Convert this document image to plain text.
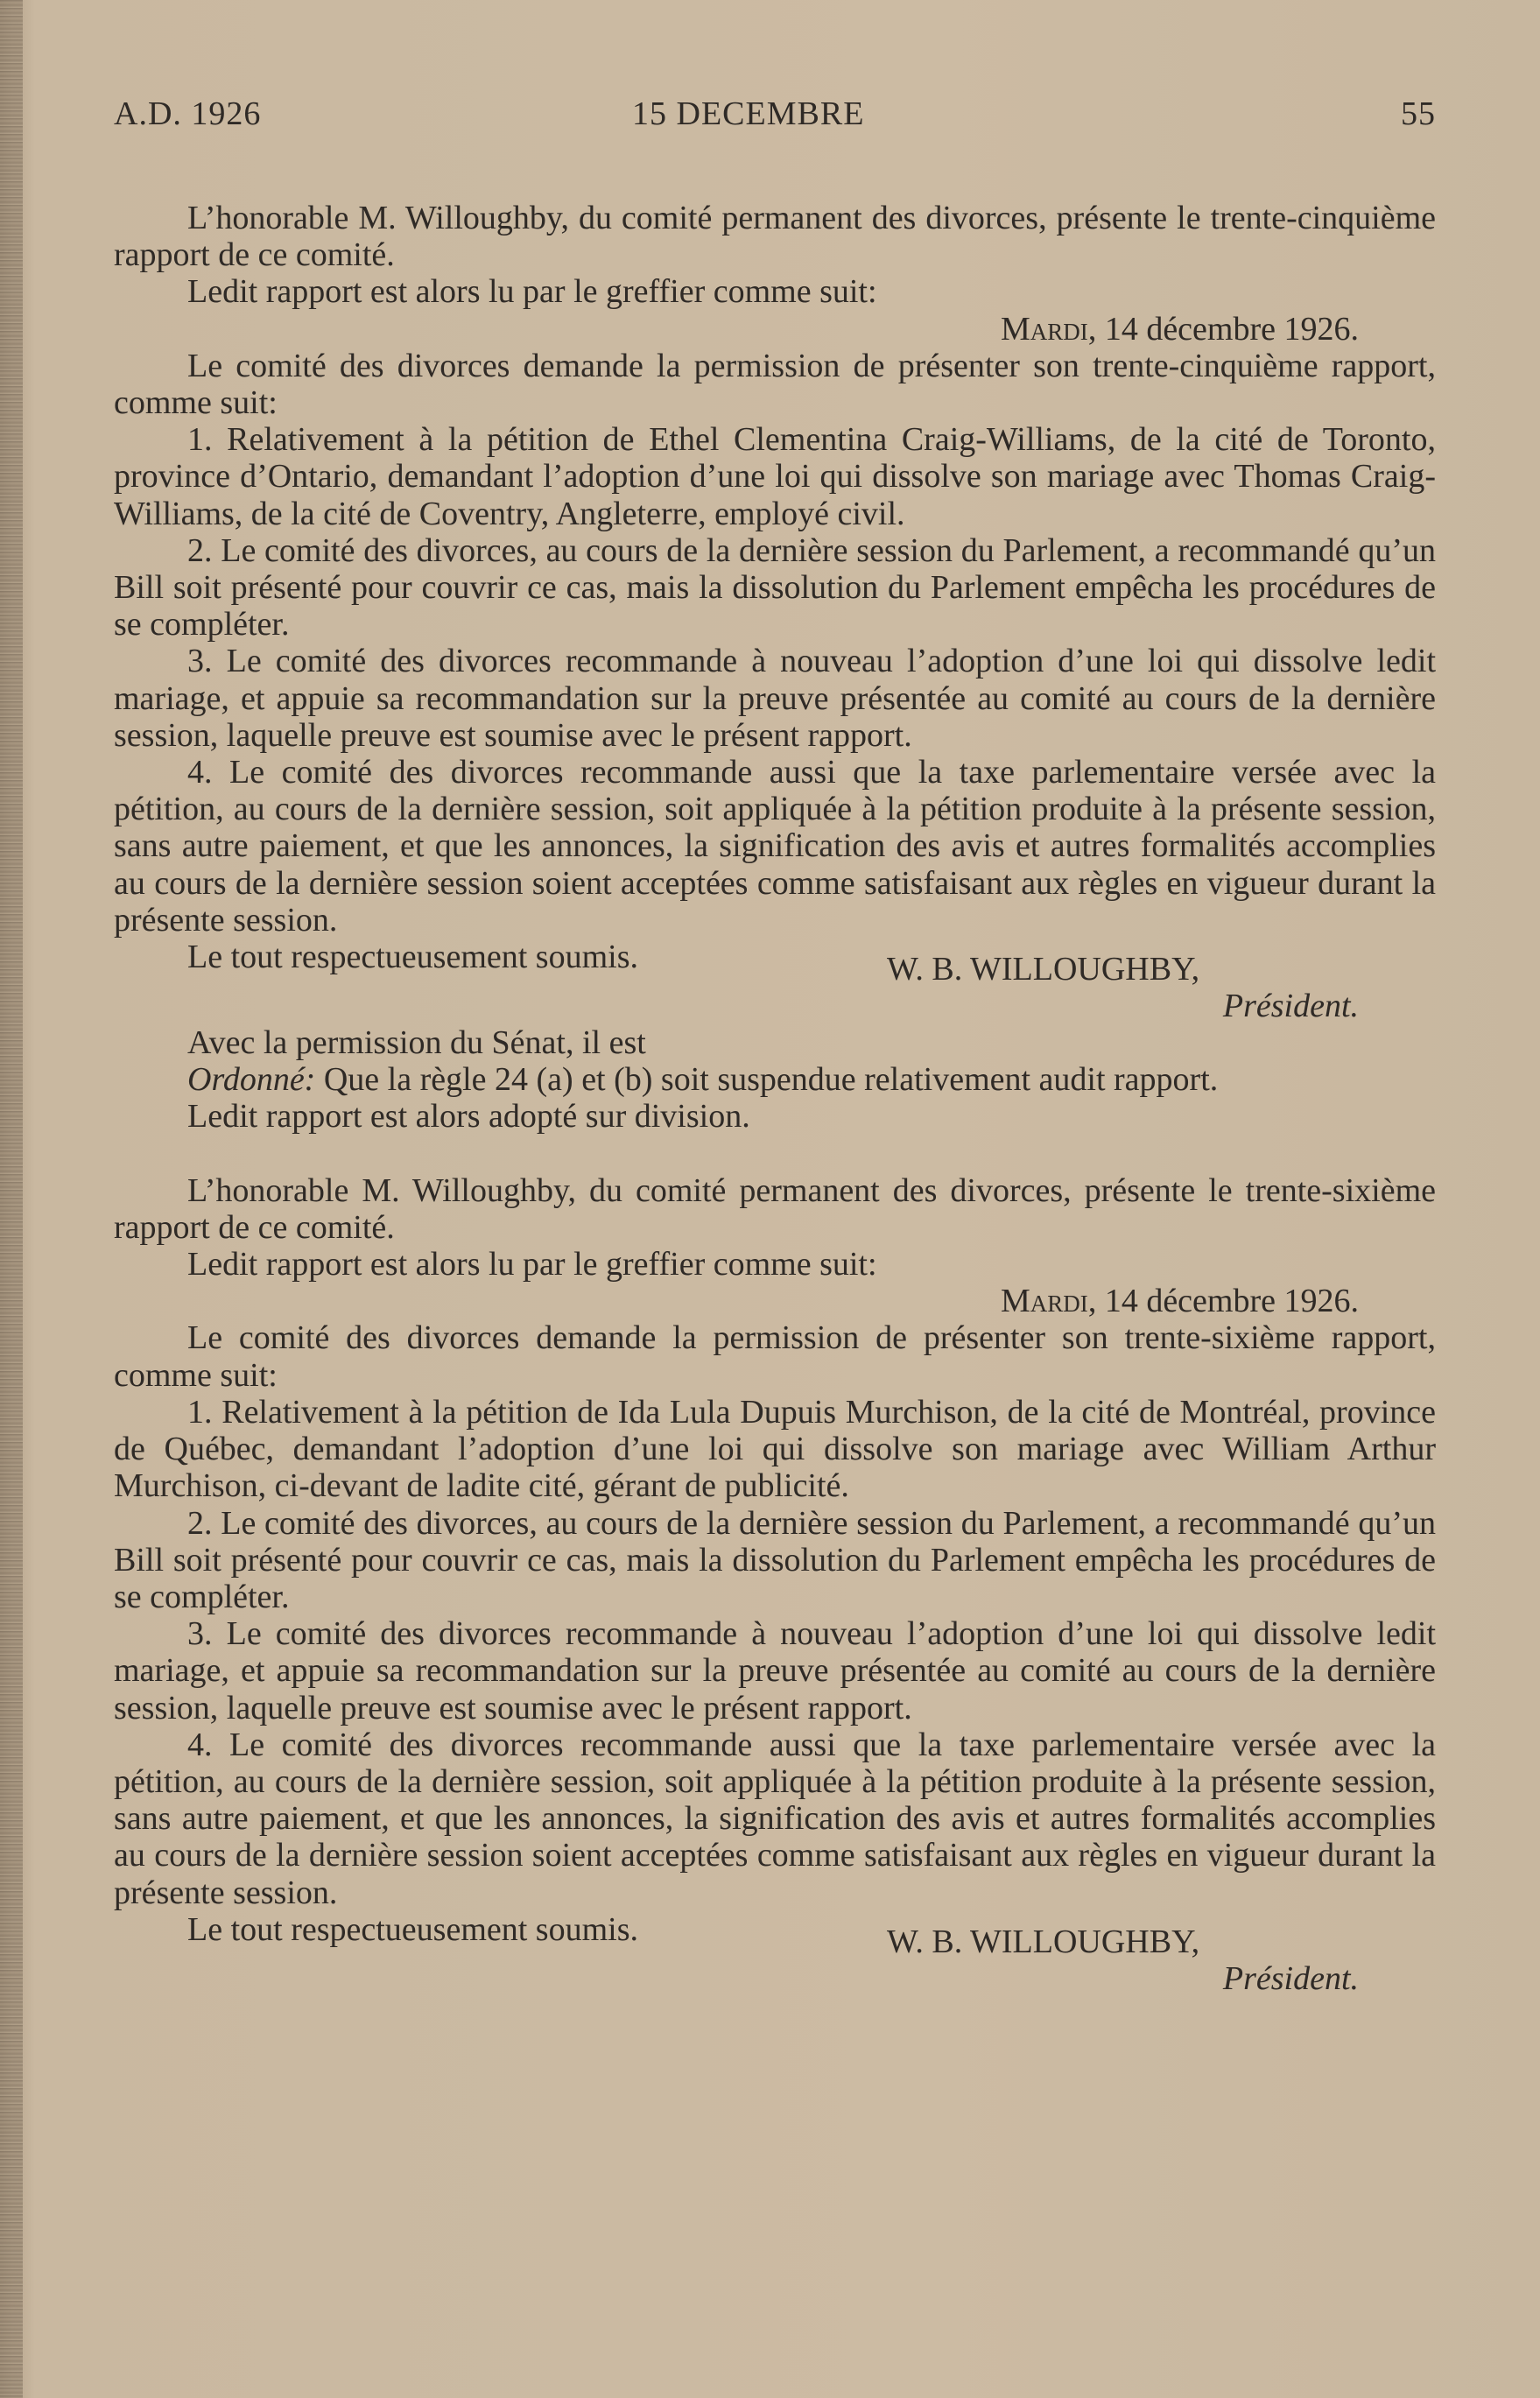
A.D. 1926	15 DECEMBRE	55

L’honorable M. Willoughby, du comité permanent des divorces, présente le trente-cinquième rapport de ce comité.

Ledit rapport est alors lu par le greffier comme suit:

Mardi, 14 décembre 1926.

Le comité des divorces demande la permission de présenter son trente-cinquième rapport, comme suit:

1. Relativement à la pétition de Ethel Clementina Craig-Williams, de la cité de Toronto, province d’Ontario, demandant l’adoption d’une loi qui dissolve son mariage avec Thomas Craig-Williams, de la cité de Coventry, Angleterre, employé civil.

2. Le comité des divorces, au cours de la dernière session du Parlement, a recommandé qu’un Bill soit présenté pour couvrir ce cas, mais la dissolution du Parlement empêcha les procédures de se compléter.

3. Le comité des divorces recommande à nouveau l’adoption d’une loi qui dissolve ledit mariage, et appuie sa recommandation sur la preuve présentée au comité au cours de la dernière session, laquelle preuve est soumise avec le présent rapport.

4. Le comité des divorces recommande aussi que la taxe parlementaire versée avec la pétition, au cours de la dernière session, soit appliquée à la pétition produite à la présente session, sans autre paiement, et que les annonces, la signification des avis et autres formalités accomplies au cours de la dernière session soient acceptées comme satisfaisant aux règles en vigueur durant la présente session.

Le tout respectueusement soumis.	W. B. WILLOUGHBY,
Président.

Avec la permission du Sénat, il est

Ordonné: Que la règle 24 (a) et (b) soit suspendue relativement audit rapport.

Ledit rapport est alors adopté sur division.

L’honorable M. Willoughby, du comité permanent des divorces, présente le trente-sixième rapport de ce comité.

Ledit rapport est alors lu par le greffier comme suit:

Mardi, 14 décembre 1926.

Le comité des divorces demande la permission de présenter son trente-sixième rapport, comme suit:

1. Relativement à la pétition de Ida Lula Dupuis Murchison, de la cité de Montréal, province de Québec, demandant l’adoption d’une loi qui dissolve son mariage avec William Arthur Murchison, ci-devant de ladite cité, gérant de publicité.

2. Le comité des divorces, au cours de la dernière session du Parlement, a recommandé qu’un Bill soit présenté pour couvrir ce cas, mais la dissolution du Parlement empêcha les procédures de se compléter.

3. Le comité des divorces recommande à nouveau l’adoption d’une loi qui dissolve ledit mariage, et appuie sa recommandation sur la preuve présentée au comité au cours de la dernière session, laquelle preuve est soumise avec le présent rapport.

4. Le comité des divorces recommande aussi que la taxe parlementaire versée avec la pétition, au cours de la dernière session, soit appliquée à la pétition produite à la présente session, sans autre paiement, et que les annonces, la signification des avis et autres formalités accomplies au cours de la dernière session soient acceptées comme satisfaisant aux règles en vigueur durant la présente session.

Le tout respectueusement soumis.	W. B. WILLOUGHBY,
Président.
